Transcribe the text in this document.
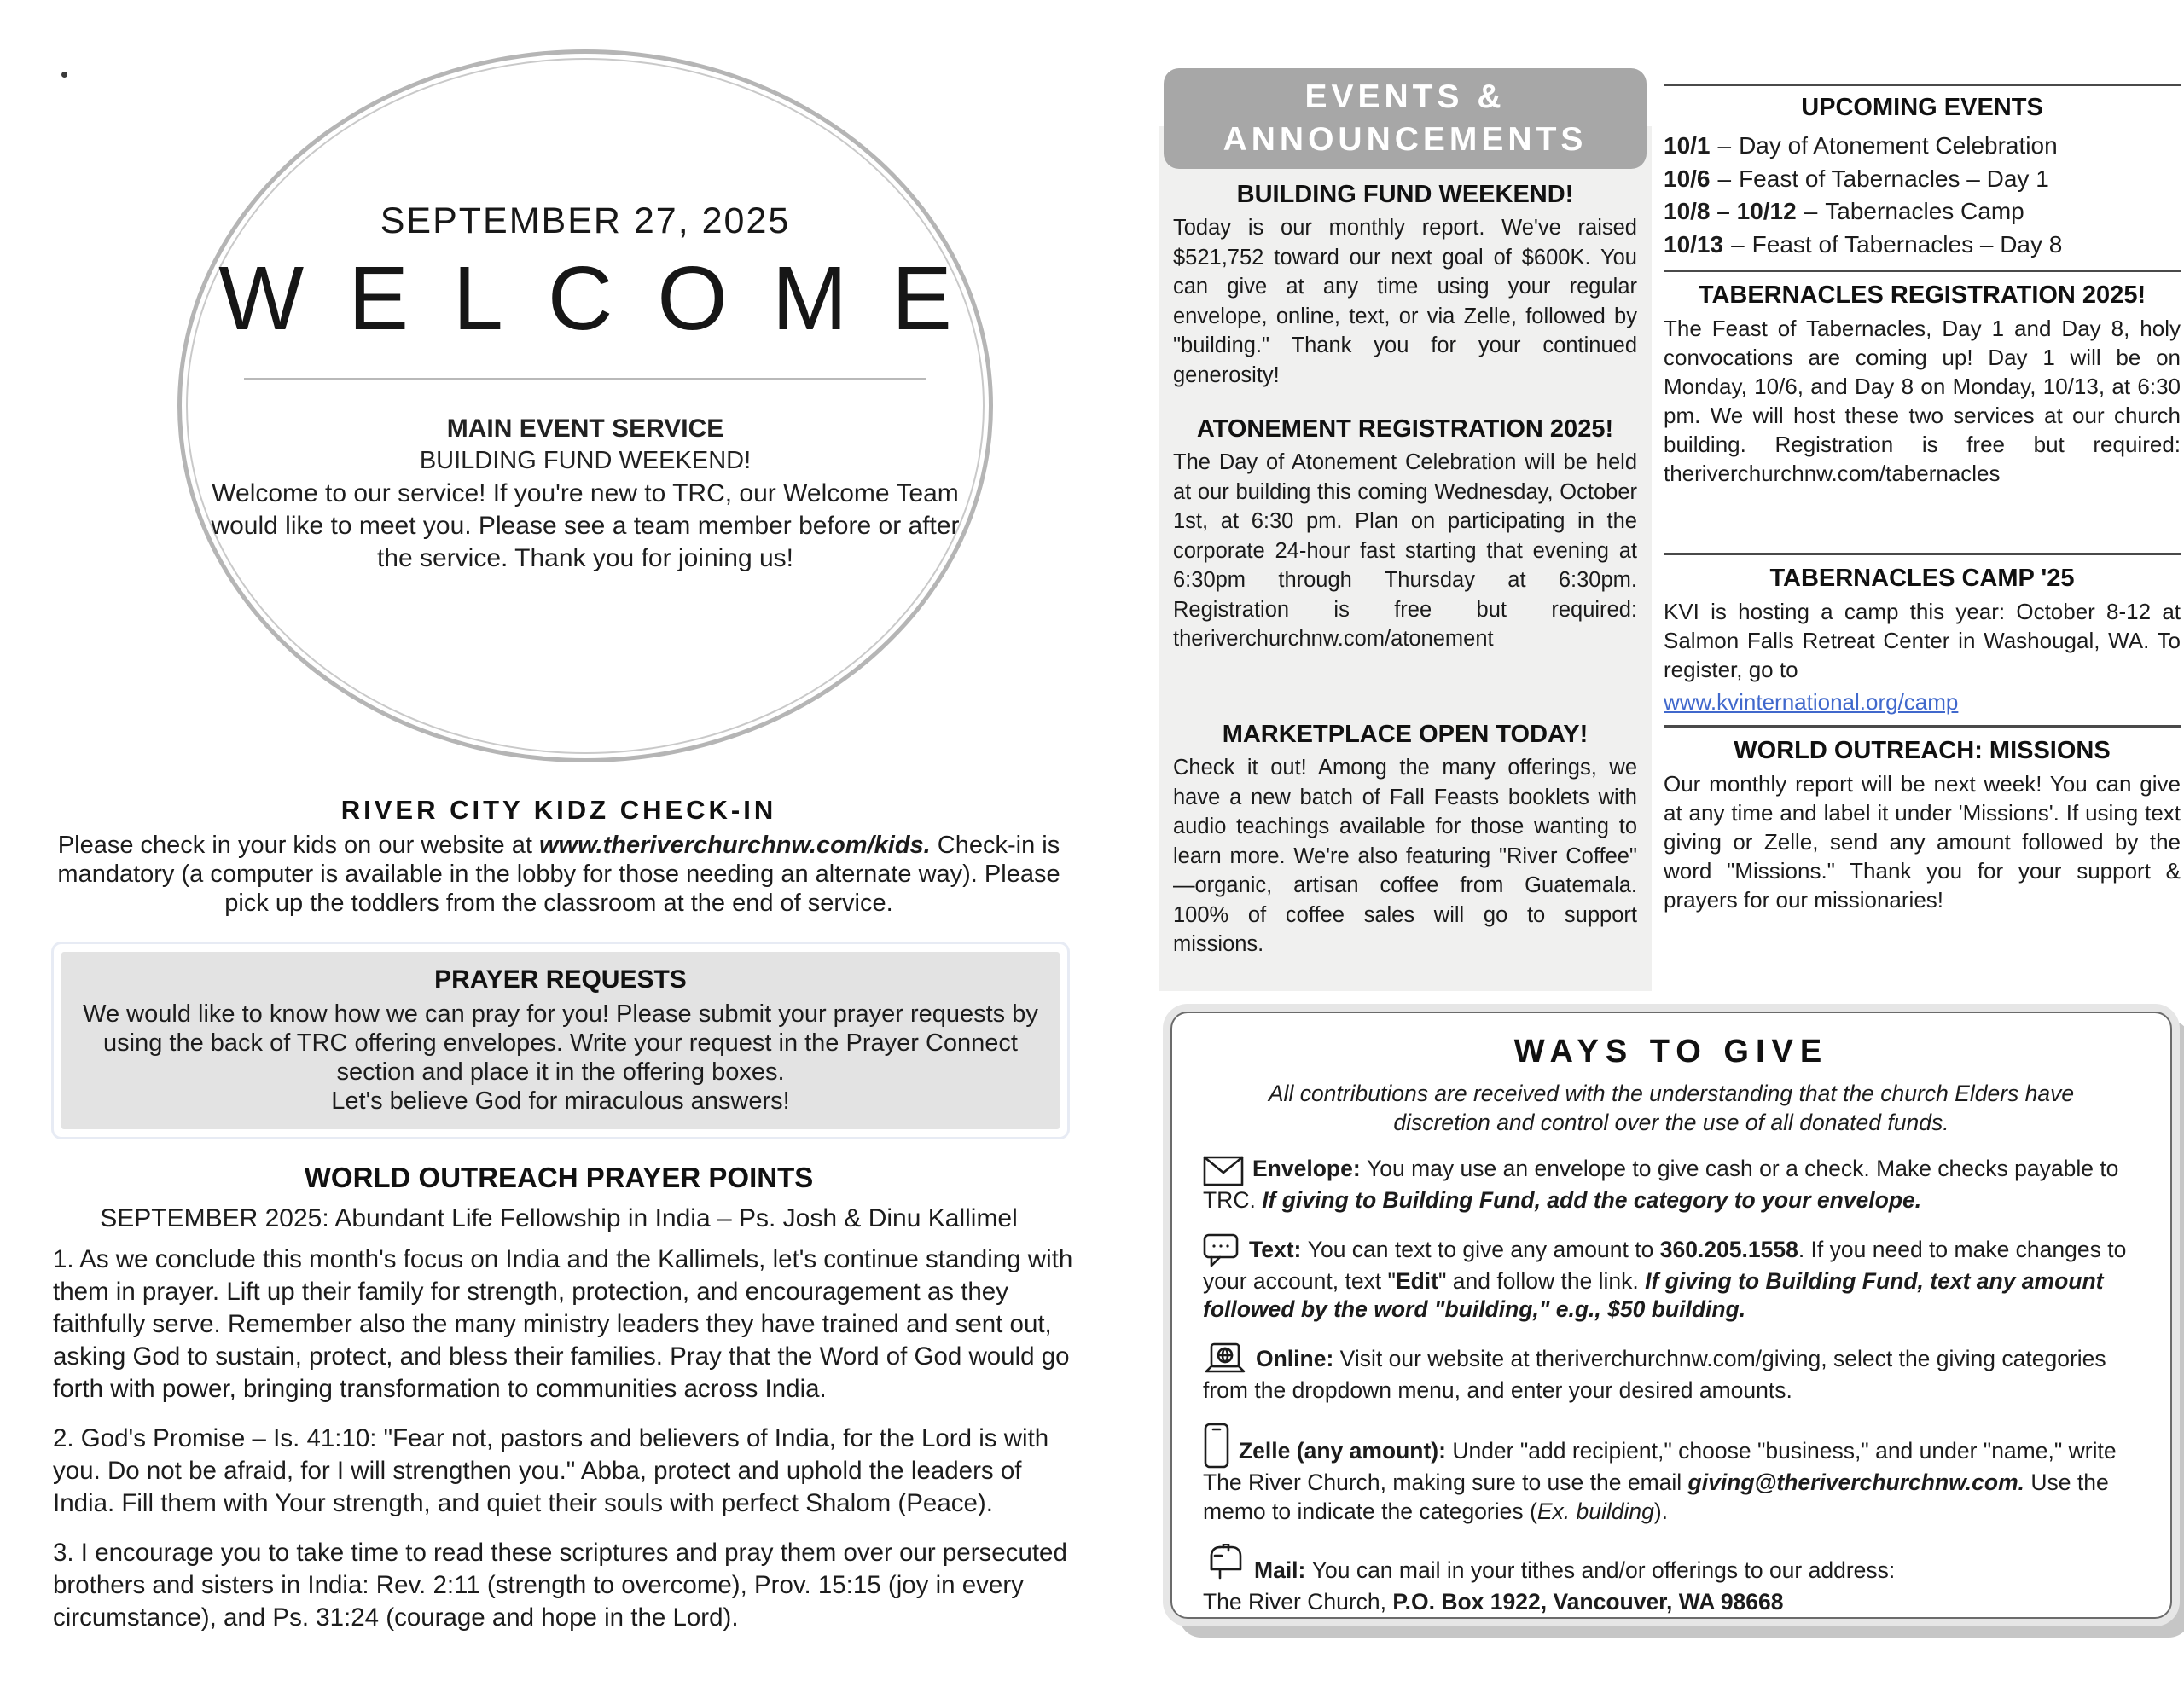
SEPTEMBER 27, 2025
WELCOME
MAIN EVENT SERVICE
BUILDING FUND WEEKEND!
Welcome to our service! If you're new to TRC, our Welcome Team would like to meet you. Please see a team member before or after the service. Thank you for joining us!
RIVER CITY KIDZ CHECK-IN
Please check in your kids on our website at www.theriverchurchnw.com/kids. Check-in is mandatory (a computer is available in the lobby for those needing an alternate way). Please pick up the toddlers from the classroom at the end of service.
PRAYER REQUESTS
We would like to know how we can pray for you! Please submit your prayer requests by using the back of TRC offering envelopes. Write your request in the Prayer Connect section and place it in the offering boxes.
Let's believe God for miraculous answers!
WORLD OUTREACH PRAYER POINTS
SEPTEMBER 2025: Abundant Life Fellowship in India – Ps. Josh & Dinu Kallimel
1. As we conclude this month's focus on India and the Kallimels, let's continue standing with them in prayer. Lift up their family for strength, protection, and encouragement as they faithfully serve. Remember also the many ministry leaders they have trained and sent out, asking God to sustain, protect, and bless their families. Pray that the Word of God would go forth with power, bringing transformation to communities across India.
2. God's Promise – Is. 41:10: "Fear not, pastors and believers of India, for the Lord is with you. Do not be afraid, for I will strengthen you." Abba, protect and uphold the leaders of India. Fill them with Your strength, and quiet their souls with perfect Shalom (Peace).
3. I encourage you to take time to read these scriptures and pray them over our persecuted brothers and sisters in India: Rev. 2:11 (strength to overcome), Prov. 15:15 (joy in every circumstance), and Ps. 31:24 (courage and hope in the Lord).
BUILDING FUND WEEKEND!
Today is our monthly report. We've raised $521,752 toward our next goal of $600K. You can give at any time using your regular envelope, online, text, or via Zelle, followed by "building." Thank you for your continued generosity!
ATONEMENT REGISTRATION 2025!
The Day of Atonement Celebration will be held at our building this coming Wednesday, October 1st, at 6:30 pm. Plan on participating in the corporate 24-hour fast starting that evening at 6:30pm through Thursday at 6:30pm. Registration is free but required: theriverchurchnw.com/atonement
MARKETPLACE OPEN TODAY!
Check it out! Among the many offerings, we have a new batch of Fall Feasts booklets with audio teachings available for those wanting to learn more. We're also featuring "River Coffee" —organic, artisan coffee from Guatemala. 100% of coffee sales will go to support missions.
EVENTS & ANNOUNCEMENTS
UPCOMING EVENTS
10/1 – Day of Atonement Celebration
10/6 – Feast of Tabernacles – Day 1
10/8 – 10/12 – Tabernacles Camp
10/13 – Feast of Tabernacles – Day 8
TABERNACLES REGISTRATION 2025!
The Feast of Tabernacles, Day 1 and Day 8, holy convocations are coming up! Day 1 will be on Monday, 10/6, and Day 8 on Monday, 10/13, at 6:30 pm. We will host these two services at our church building. Registration is free but required: theriverchurchnw.com/tabernacles
TABERNACLES CAMP '25
KVI is hosting a camp this year: October 8-12 at Salmon Falls Retreat Center in Washougal, WA. To register, go to
www.kvinternational.org/camp
WORLD OUTREACH: MISSIONS
Our monthly report will be next week! You can give at any time and label it under 'Missions'. If using text giving or Zelle, send any amount followed by the word "Missions." Thank you for your support & prayers for our missionaries!
WAYS TO GIVE
All contributions are received with the understanding that the church Elders have discretion and control over the use of all donated funds.
Envelope: You may use an envelope to give cash or a check. Make checks payable to TRC. If giving to Building Fund, add the category to your envelope.
Text: You can text to give any amount to 360.205.1558. If you need to make changes to your account, text "Edit" and follow the link. If giving to Building Fund, text any amount followed by the word "building," e.g., $50 building.
Online: Visit our website at theriverchurchnw.com/giving, select the giving categories from the dropdown menu, and enter your desired amounts.
Zelle (any amount): Under "add recipient," choose "business," and under "name," write The River Church, making sure to use the email giving@theriverchurchnw.com. Use the memo to indicate the categories (Ex. building).
Mail: You can mail in your tithes and/or offerings to our address:
The River Church, P.O. Box 1922, Vancouver, WA 98668
